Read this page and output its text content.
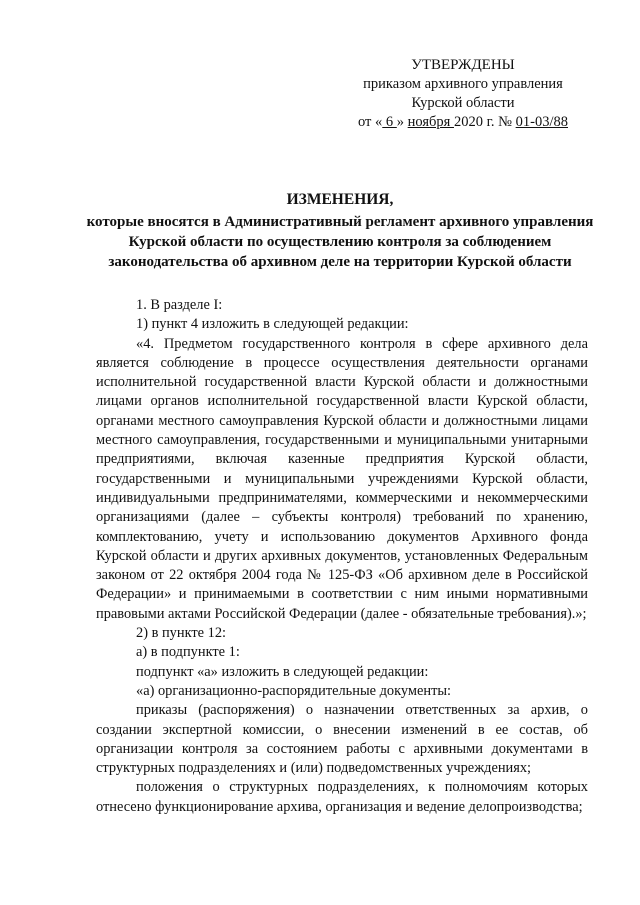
УТВЕРЖДЕНЫ
приказом архивного управления
Курской области
от « 6 » ноября 2020 г. № 01-03/88
ИЗМЕНЕНИЯ,
которые вносятся в Административный регламент архивного управления Курской области по осуществлению контроля за соблюдением законодательства об архивном деле на территории Курской области

1. В разделе I:

1) пункт 4 изложить в следующей редакции:

«4. Предметом государственного контроля в сфере архивного дела является соблюдение в процессе осуществления деятельности органами исполнительной государственной власти Курской области и должностными лицами органов исполнительной государственной власти Курской области, органами местного самоуправления Курской области и должностными лицами местного самоуправления, государственными и муниципальными унитарными предприятиями, включая казенные предприятия Курской области, государственными и муниципальными учреждениями Курской области, индивидуальными предпринимателями, коммерческими и некоммерческими организациями (далее – субъекты контроля) требований по хранению, комплектованию, учету и использованию документов Архивного фонда Курской области и других архивных документов, установленных Федеральным законом от 22 октября 2004 года № 125-ФЗ «Об архивном деле в Российской Федерации» и принимаемыми в соответствии с ним иными нормативными правовыми актами Российской Федерации (далее - обязательные требования).»;

2) в пункте 12:

а) в подпункте 1:

подпункт «а» изложить в следующей редакции:

«а) организационно-распорядительные документы:

приказы (распоряжения) о назначении ответственных за архив, о создании экспертной комиссии, о внесении изменений в ее состав, об организации контроля за состоянием работы с архивными документами в структурных подразделениях и (или) подведомственных учреждениях;

положения о структурных подразделениях, к полномочиям которых отнесено функционирование архива, организация и ведение делопроизводства;
